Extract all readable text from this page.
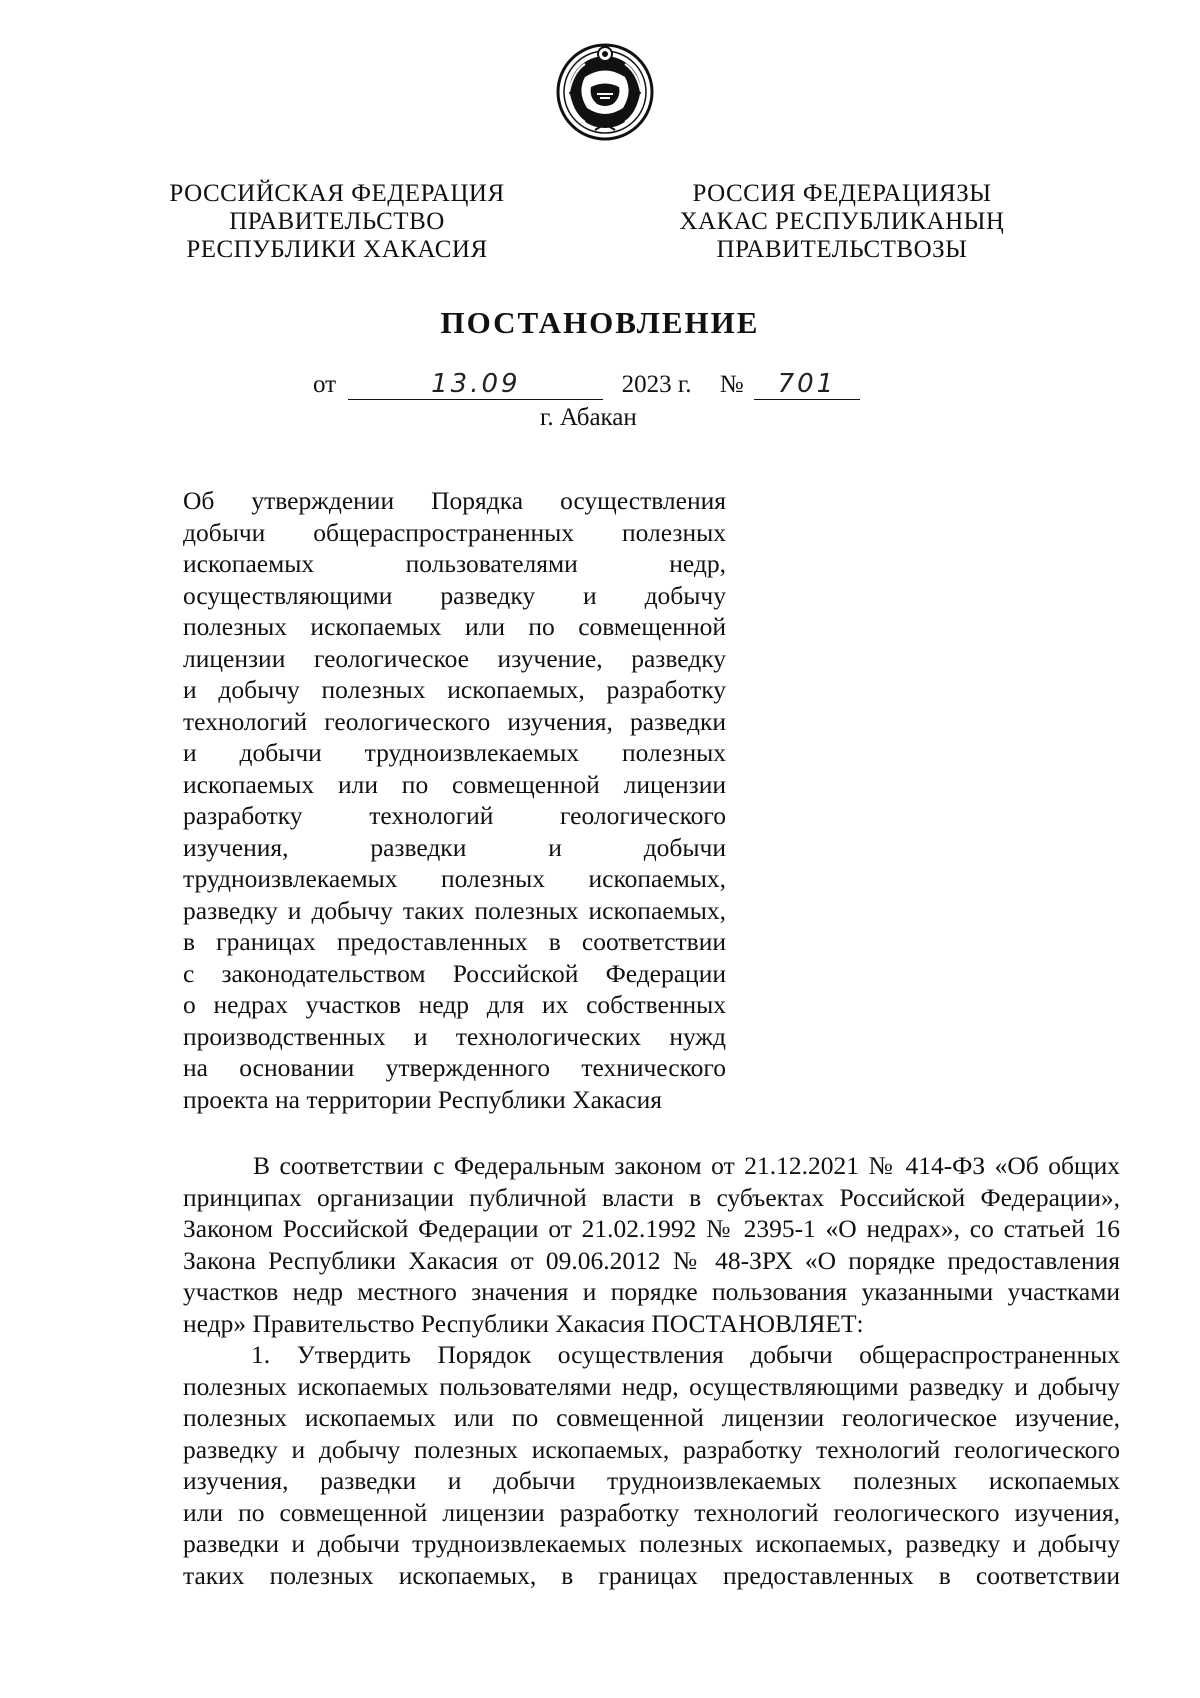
РОССИЙСКАЯ ФЕДЕРАЦИЯ
ПРАВИТЕЛЬСТВО
РЕСПУБЛИКИ ХАКАСИЯ
РОССИЯ ФЕДЕРАЦИЯЗЫ
ХАКАС РЕСПУБЛИКАНЫҢ
ПРАВИТЕЛЬСТВОЗЫ
ПОСТАНОВЛЕНИЕ
от	13.09	2023 г. № 701
г. Абакан
Об утверждении Порядка осуществления
добычи общераспространенных полезных
ископаемых пользователями недр,
осуществляющими разведку и добычу
полезных ископаемых или по совмещенной
лицензии геологическое изучение, разведку
и добычу полезных ископаемых, разработку
технологий геологического изучения, разведки
и добычи трудноизвлекаемых полезных
ископаемых или по совмещенной лицензии
разработку технологий геологического
изучения, разведки и добычи
трудноизвлекаемых полезных ископаемых,
разведку и добычу таких полезных ископаемых,
в границах предоставленных в соответствии
с законодательством Российской Федерации
о недрах участков недр для их собственных
производственных и технологических нужд
на основании утвержденного технического
проекта на территории Республики Хакасия
В соответствии с Федеральным законом от 21.12.2021 № 414-ФЗ «Об общих
принципах организации публичной власти в субъектах Российской Федерации»,
Законом Российской Федерации от 21.02.1992 № 2395-1 «О недрах», со статьей 16
Закона Республики Хакасия от 09.06.2012 № 48-ЗРХ «О порядке предоставления
участков недр местного значения и порядке пользования указанными участками
недр» Правительство Республики Хакасия ПОСТАНОВЛЯЕТ:
1. Утвердить Порядок осуществления добычи общераспространенных
полезных ископаемых пользователями недр, осуществляющими разведку и добычу
полезных ископаемых или по совмещенной лицензии геологическое изучение,
разведку и добычу полезных ископаемых, разработку технологий геологического
изучения, разведки и добычи трудноизвлекаемых полезных ископаемых
или по совмещенной лицензии разработку технологий геологического изучения,
разведки и добычи трудноизвлекаемых полезных ископаемых, разведку и добычу
таких полезных ископаемых, в границах предоставленных в соответствии
